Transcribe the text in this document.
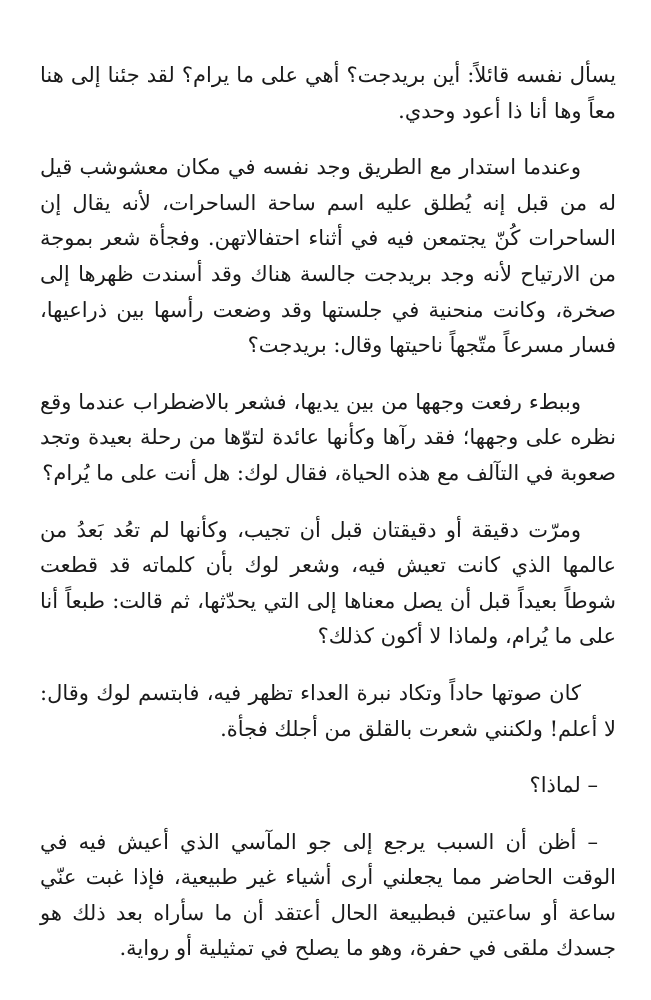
يسأل نفسه قائلاً: أين بريدجت؟ أهي على ما يرام؟ لقد جئنا إلى هنا معاً وها أنا ذا أعود وحدي.

وعندما استدار مع الطريق وجد نفسه في مكان معشوشب قيل له من قبل إنه يُطلق عليه اسم ساحة الساحرات، لأنه يقال إن الساحرات كُنّ يجتمعن فيه في أثناء احتفالاتهن. وفجأة شعر بموجة من الارتياح لأنه وجد بريدجت جالسة هناك وقد أسندت ظهرها إلى صخرة، وكانت منحنية في جلستها وقد وضعت رأسها بين ذراعيها، فسار مسرعاً متّجهاً ناحيتها وقال: بريدجت؟

وببطء رفعت وجهها من بين يديها، فشعر بالاضطراب عندما وقع نظره على وجهها؛ فقد رآها وكأنها عائدة لتوّها من رحلة بعيدة وتجد صعوبة في التآلف مع هذه الحياة، فقال لوك: هل أنت على ما يُرام؟

ومرّت دقيقة أو دقيقتان قبل أن تجيب، وكأنها لم تعُد بَعدُ من عالمها الذي كانت تعيش فيه، وشعر لوك بأن كلماته قد قطعت شوطاً بعيداً قبل أن يصل معناها إلى التي يحدّثها، ثم قالت: طبعاً أنا على ما يُرام، ولماذا لا أكون كذلك؟

كان صوتها حاداً وتكاد نبرة العداء تظهر فيه، فابتسم لوك وقال: لا أعلم! ولكنني شعرت بالقلق من أجلك فجأة.

– لماذا؟

– أظن أن السبب يرجع إلى جو المآسي الذي أعيش فيه في الوقت الحاضر مما يجعلني أرى أشياء غير طبيعية، فإذا غبت عنّي ساعة أو ساعتين فبطبيعة الحال أعتقد أن ما سأراه بعد ذلك هو جسدك ملقى في حفرة، وهو ما يصلح في تمثيلية أو رواية.
